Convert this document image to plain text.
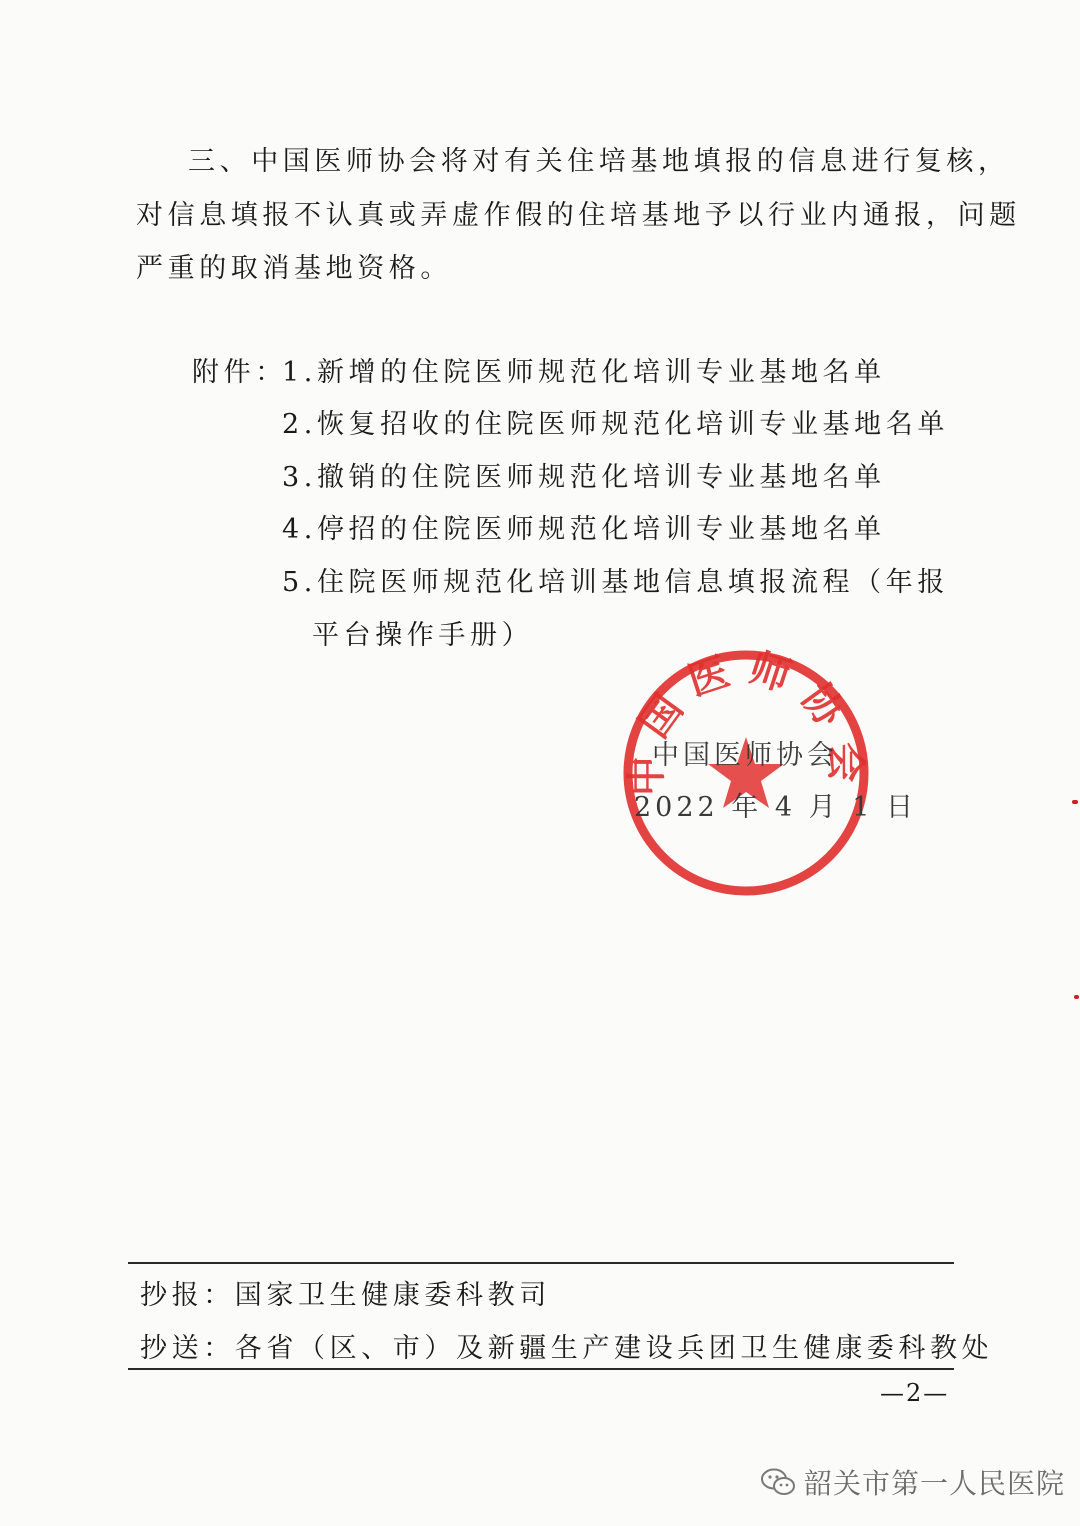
三、中国医师协会将对有关住培基地填报的信息进行复核，
对信息填报不认真或弄虚作假的住培基地予以行业内通报，问题
严重的取消基地资格。
附件：
1.新增的住院医师规范化培训专业基地名单
2.恢复招收的住院医师规范化培训专业基地名单
3.撤销的住院医师规范化培训专业基地名单
4.停招的住院医师规范化培训专业基地名单
5.住院医师规范化培训基地信息填报流程（年报
平台操作手册）
中国医师协会
中国医师协会
2022 年 4 月 1 日
抄报：国家卫生健康委科教司
抄送：各省（区、市）及新疆生产建设兵团卫生健康委科教处
—2—
韶关市第一人民医院
